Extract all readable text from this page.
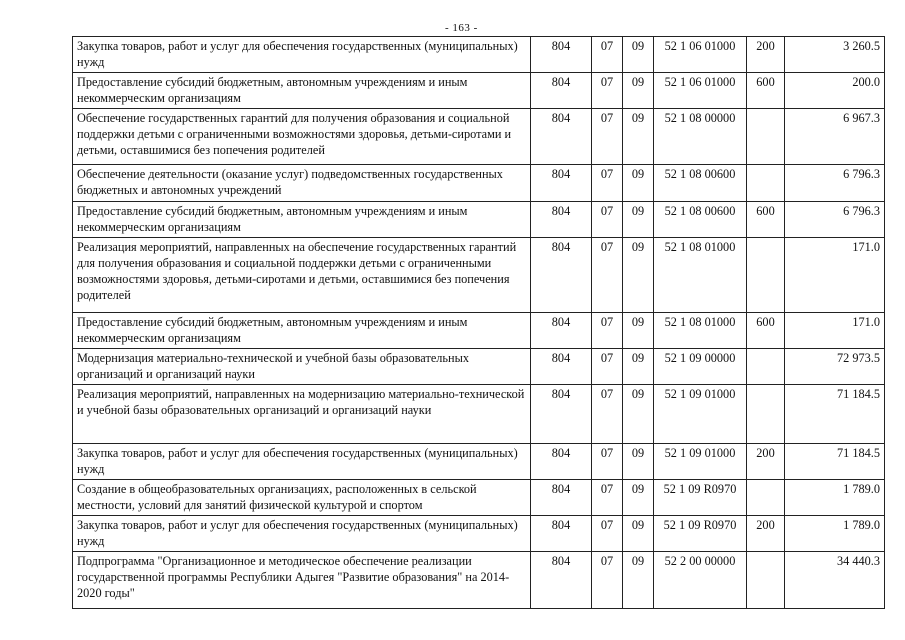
- 163 -
Закупка товаров, работ и услуг для обеспечения государственных (муниципальных) нужд	804	07	09	52 1 06 01000	200	3 260.5
Предоставление субсидий бюджетным, автономным учреждениям и иным некоммерческим организациям	804	07	09	52 1 06 01000	600	200.0
Обеспечение государственных гарантий для получения образования и социальной поддержки детьми с ограниченными возможностями здоровья, детьми-сиротами и детьми, оставшимися без попечения родителей	804	07	09	52 1 08 00000		6 967.3
Обеспечение деятельности (оказание услуг) подведомственных государственных бюджетных и автономных учреждений	804	07	09	52 1 08 00600		6 796.3
Предоставление субсидий бюджетным, автономным учреждениям и иным некоммерческим организациям	804	07	09	52 1 08 00600	600	6 796.3
Реализация мероприятий, направленных на обеспечение государственных гарантий для получения образования и социальной поддержки детьми с ограниченными возможностями здоровья, детьми-сиротами и детьми, оставшимися без попечения родителей	804	07	09	52 1 08 01000		171.0
Предоставление субсидий бюджетным, автономным учреждениям и иным некоммерческим организациям	804	07	09	52 1 08 01000	600	171.0
Модернизация материально-технической и учебной базы образовательных организаций и организаций науки	804	07	09	52 1 09 00000		72 973.5
Реализация мероприятий, направленных на модернизацию материально-технической и учебной базы образовательных организаций и организаций науки	804	07	09	52 1 09 01000		71 184.5
Закупка товаров, работ и услуг для обеспечения государственных (муниципальных) нужд	804	07	09	52 1 09 01000	200	71 184.5
Создание в общеобразовательных организациях, расположенных в сельской местности, условий для занятий физической культурой и спортом	804	07	09	52 1 09 R0970		1 789.0
Закупка товаров, работ и услуг для обеспечения государственных (муниципальных) нужд	804	07	09	52 1 09 R0970	200	1 789.0
Подпрограмма "Организационное и методическое обеспечение реализации государственной программы Республики Адыгея "Развитие образования" на 2014-2020 годы"	804	07	09	52 2 00 00000		34 440.3
